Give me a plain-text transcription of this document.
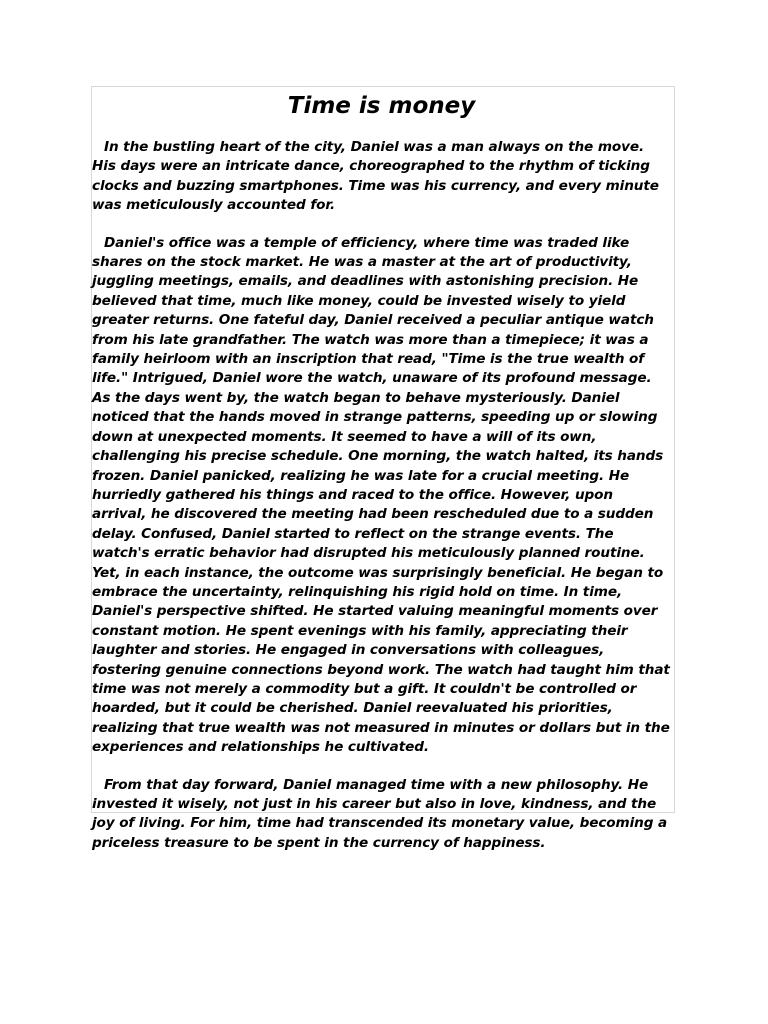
Time is money

In the bustling heart of the city, Daniel was a man always on the move. His days were an intricate dance, choreographed to the rhythm of ticking clocks and buzzing smartphones. Time was his currency, and every minute was meticulously accounted for.

Daniel's office was a temple of efficiency, where time was traded like shares on the stock market. He was a master at the art of productivity, juggling meetings, emails, and deadlines with astonishing precision. He believed that time, much like money, could be invested wisely to yield greater returns. One fateful day, Daniel received a peculiar antique watch from his late grandfather. The watch was more than a timepiece; it was a family heirloom with an inscription that read, "Time is the true wealth of life." Intrigued, Daniel wore the watch, unaware of its profound message. As the days went by, the watch began to behave mysteriously. Daniel noticed that the hands moved in strange patterns, speeding up or slowing down at unexpected moments. It seemed to have a will of its own, challenging his precise schedule. One morning, the watch halted, its hands frozen. Daniel panicked, realizing he was late for a crucial meeting. He hurriedly gathered his things and raced to the office. However, upon arrival, he discovered the meeting had been rescheduled due to a sudden delay. Confused, Daniel started to reflect on the strange events. The watch's erratic behavior had disrupted his meticulously planned routine. Yet, in each instance, the outcome was surprisingly beneficial. He began to embrace the uncertainty, relinquishing his rigid hold on time. In time, Daniel's perspective shifted. He started valuing meaningful moments over constant motion. He spent evenings with his family, appreciating their laughter and stories. He engaged in conversations with colleagues, fostering genuine connections beyond work. The watch had taught him that time was not merely a commodity but a gift. It couldn't be controlled or hoarded, but it could be cherished. Daniel reevaluated his priorities, realizing that true wealth was not measured in minutes or dollars but in the experiences and relationships he cultivated.

From that day forward, Daniel managed time with a new philosophy. He invested it wisely, not just in his career but also in love, kindness, and the joy of living. For him, time had transcended its monetary value, becoming a priceless treasure to be spent in the currency of happiness.
